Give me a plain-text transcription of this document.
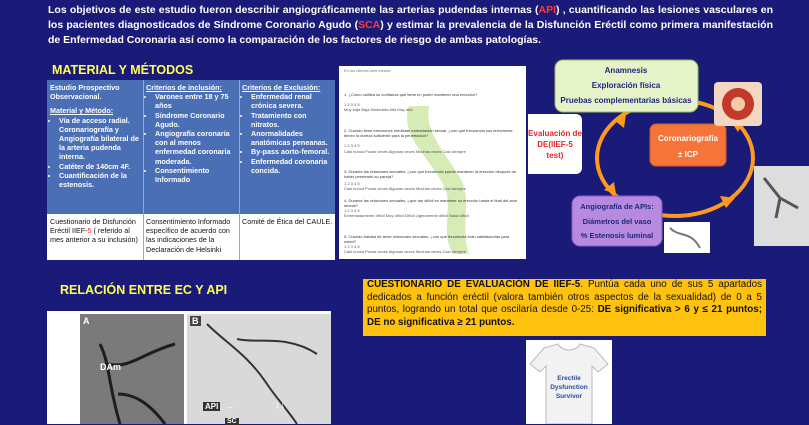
Los objetivos de este estudio fueron describir angiográficamente las arterias pudendas internas (API) , cuantificando las lesiones vasculares en los pacientes diagnosticados de Síndrome Coronario Agudo (SCA) y estimar la prevalencia de la Disfunción Eréctil como primera manifestación de Enfermedad Coronaria así como la comparación de los factores de riesgo de ambas patologías.
MATERIAL Y MÉTODOS
Estudio Prospectivo Observacional.
Material y Método:
• Vía de acceso radial. Coronariografía y Angiografía bilateral de la arteria pudenda interna.
• Catéter de 140cm 4F.
• Cuantificación de la estenosis.
Criterios de inclusión:
• Varones entre 18 y 75 años
• Síndrome Coronario Agudo.
• Angiografía coronaria con al menos enfermedad coronaria moderada.
• Consentimiento Informado
Criterios de Exclusión:
• Enfermedad renal crónica severa.
• Tratamiento con nitratos.
• Anormalidades anatómicas peneanas.
• By-pass aorto-femoral.
• Enfermedad coronaria concida.
Cuestionario de Disfunción Eréctil IIEF-5 ( referido al mes anterior a su inclusión)
Consentimiento Informado específico de acuerdo con las indicaciones de la Declaración de Helsinki
Comité de Ética del CAULE.
En los últimos seis meses:
1. ¿Cómo califica su confianza que tiene en poder mantener una erección?
1 2 3 4 5
Muy baja Baja Moderada Alta Muy alta
2. Cuando tiene erecciones mediante estimulación sexual, ¿con qué frecuencia sus erecciones tienen la dureza suficiente para la penetración?
1 2 3 4 5
Casi nunca Pocas veces Algunas veces Muchas veces Casi siempre
3. Durante las relaciones sexuales, ¿con qué frecuencia puede mantener la erección después de haber penetrado su pareja?
1 2 3 4 5
Casi nunca Pocas veces Algunas veces Muchas veces Casi siempre
4. Durante las relaciones sexuales, ¿qué tan difícil es mantener su erección hasta el final del acto sexual?
1 2 3 4 5
Extremadamente difícil Muy difícil Difícil Ligeramente difícil Nada difícil
5. Cuando trataba de tener relaciones sexuales, ¿con qué frecuencia eran satisfactorias para usted?
1 2 3 4 5
Casi nunca Pocas veces Algunas veces Muchas veces Casi siempre
Anamnesis
Exploración física
Pruebas complementarias básicas
Coronariografía
± ICP
Angiografía de APIs:
Diámetros del vaso
% Estenosis luminal
Evaluación de
DE(IIEF-5 test)
RELACIÓN ENTRE EC Y API
A
DAm
B
API →	↓↓
SC
CUESTIONARIO DE EVALUACIÓN DE IIEF-5. Puntúa cada uno de sus 5 apartados dedicados a función eréctil (valora también otros aspectos de la sexualidad) de 0 a 5 puntos, logrando un total que oscilaría desde 0-25: DE significativa > 6 y ≤ 21 puntos; DE no significativa ≥ 21 puntos.
Erectile
Dysfunction
Survivor
